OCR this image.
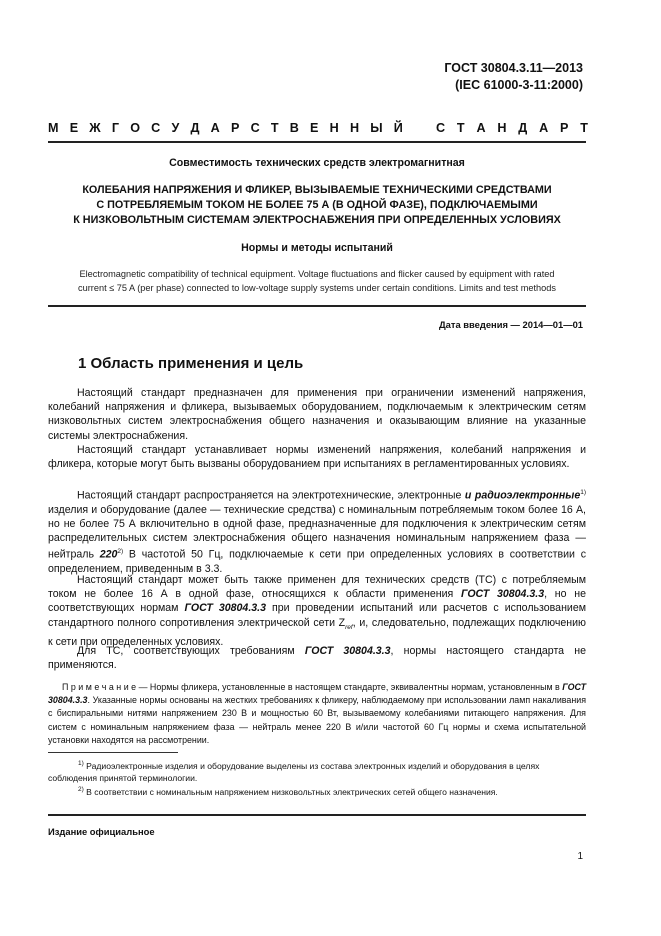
ГОСТ 30804.3.11—2013
(IEC 61000-3-11:2000)
М Е Ж Г О С У Д А Р С Т В Е Н Н Ы Й	С Т А Н Д А Р Т
Совместимость технических средств электромагнитная
КОЛЕБАНИЯ НАПРЯЖЕНИЯ И ФЛИКЕР, ВЫЗЫВАЕМЫЕ ТЕХНИЧЕСКИМИ СРЕДСТВАМИ
С ПОТРЕБЛЯЕМЫМ ТОКОМ НЕ БОЛЕЕ 75 А (В ОДНОЙ ФАЗЕ), ПОДКЛЮЧАЕМЫМИ
К НИЗКОВОЛЬТНЫМ СИСТЕМАМ ЭЛЕКТРОСНАБЖЕНИЯ ПРИ ОПРЕДЕЛЕННЫХ УСЛОВИЯХ
Нормы и методы испытаний
Electromagnetic compatibility of technical equipment. Voltage fluctuations and flicker caused by equipment with rated
current ≤ 75 A (per phase) connected to low-voltage supply systems under certain conditions. Limits and test methods
Дата введения — 2014—01—01
1 Область применения и цель

Настоящий стандарт предназначен для применения при ограничении изменений напряжения, колебаний напряжения и фликера, вызываемых оборудованием, подключаемым к электрическим сетям низковольтных систем электроснабжения общего назначения и оказывающим влияние на указанные системы электроснабжения.

Настоящий стандарт устанавливает нормы изменений напряжения, колебаний напряжения и фликера, которые могут быть вызваны оборудованием при испытаниях в регламентированных условиях.

Настоящий стандарт распространяется на электротехнические, электронные и радиоэлектронные$^{1)}$ изделия и оборудование (далее — технические средства) с номинальным потребляемым током более 16 А, но не более 75 А включительно в одной фазе, предназначенные для подключения к электрическим сетям распределительных систем электроснабжения общего назначения номинальным напряжением фаза — нейтраль 220$^{2)}$ В частотой 50 Гц, подключаемые к сети при определенных условиях в соответствии с определением, приведенным в 3.3.

Настоящий стандарт может быть также применен для технических средств (ТС) с потребляемым током не более 16 А в одной фазе, относящихся к области применения ГОСТ 30804.3.3, но не соответствующих нормам ГОСТ 30804.3.3 при проведении испытаний или расчетов с использованием стандартного полного сопротивления электрической сети $Z_{ref}$, и, следовательно, подлежащих подключению к сети при определенных условиях.

Для ТС, соответствующих требованиям ГОСТ 30804.3.3, нормы настоящего стандарта не применяются.

П р и м е ч а н и е — Нормы фликера, установленные в настоящем стандарте, эквивалентны нормам, установленным в ГОСТ 30804.3.3. Указанные нормы основаны на жестких требованиях к фликеру, наблюдаемому при использовании ламп накаливания с биспиральными нитями напряжением 230 В и мощностью 60 Вт, вызываемому колебаниями питающего напряжения. Для систем с номинальным напряжением фаза — нейтраль менее 220 В и/или частотой 60 Гц нормы и схема испытательной установки находятся на рассмотрении.

$^{1)}$ Радиоэлектронные изделия и оборудование выделены из состава электронных изделий и оборудования в целях соблюдения принятой терминологии.

$^{2)}$ В соответствии с номинальным напряжением низковольтных электрических сетей общего назначения.

Издание официальное
1
